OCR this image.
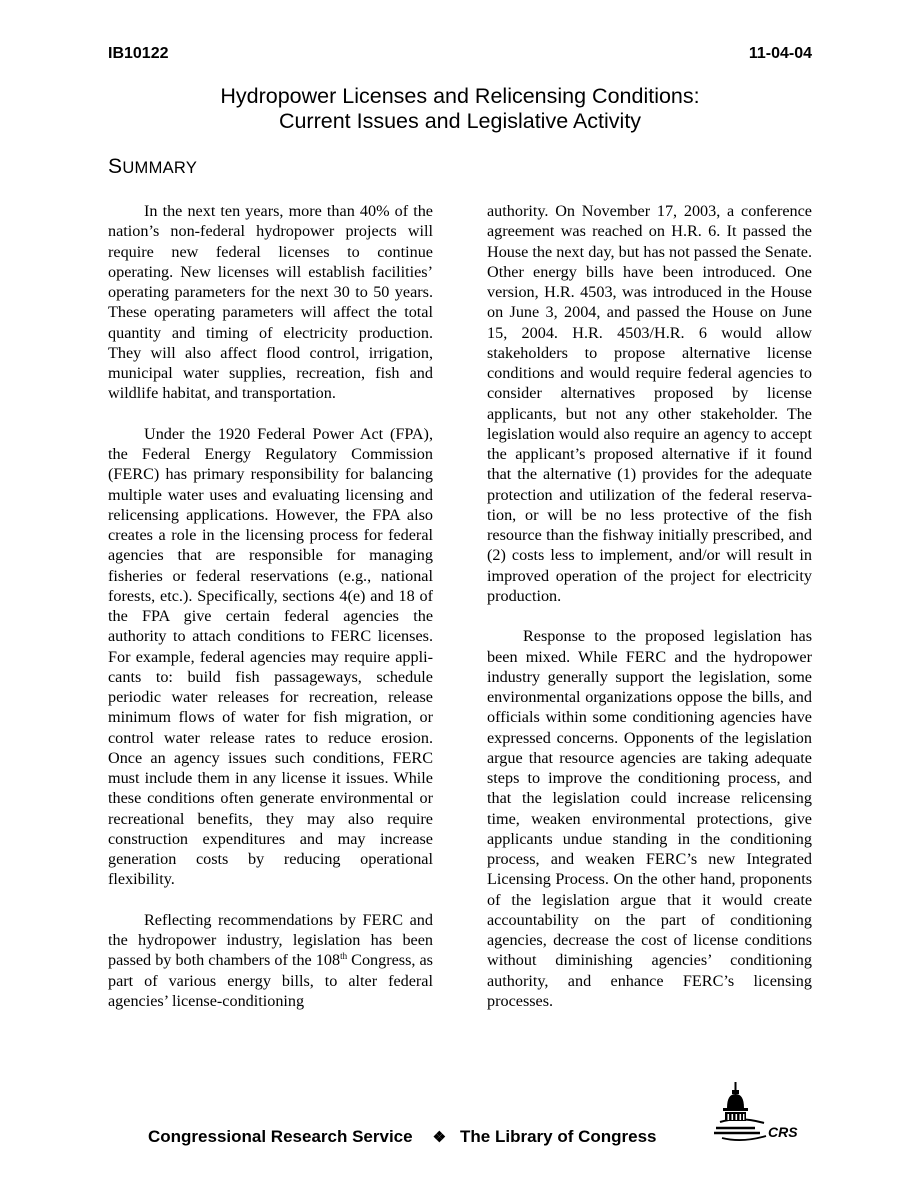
IB10122	11-04-04
Hydropower Licenses and Relicensing Conditions:
Current Issues and Legislative Activity
SUMMARY

In the next ten years, more than 40% of the nation’s non-federal hydropower projects will require new federal licenses to continue operating. New licenses will establish facilities’ operating parameters for the next 30 to 50 years. These operating parameters will affect the total quantity and timing of electricity production. They will also affect flood control, irrigation, municipal water supplies, recreation, fish and wildlife habitat, and transportation.

Under the 1920 Federal Power Act (FPA), the Federal Energy Regulatory Commission (FERC) has primary responsibility for balancing multiple water uses and evaluating licensing and relicensing applications. However, the FPA also creates a role in the licensing process for federal agencies that are responsible for managing fisheries or federal reservations (e.g., national forests, etc.). Specifically, sections 4(e) and 18 of the FPA give certain federal agencies the authority to attach conditions to FERC licenses. For example, federal agencies may require applicants to: build fish passageways, schedule periodic water releases for recreation, release minimum flows of water for fish migration, or control water release rates to reduce erosion. Once an agency issues such conditions, FERC must include them in any license it issues. While these conditions often generate environmental or recreational benefits, they may also require construction expenditures and may increase generation costs by reducing operational flexibility.

Reflecting recommendations by FERC and the hydropower industry, legislation has been passed by both chambers of the 108th Congress, as part of various energy bills, to alter federal agencies’ license-conditioning

authority. On November 17, 2003, a conference agreement was reached on H.R. 6. It passed the House the next day, but has not passed the Senate. Other energy bills have been introduced. One version, H.R. 4503, was introduced in the House on June 3, 2004, and passed the House on June 15, 2004. H.R. 4503/H.R. 6 would allow stakeholders to propose alternative license conditions and would require federal agencies to consider alternatives proposed by license applicants, but not any other stakeholder. The legislation would also require an agency to accept the applicant’s proposed alternative if it found that the alternative (1) provides for the adequate protection and utilization of the federal reservation, or will be no less protective of the fish resource than the fishway initially prescribed, and (2) costs less to implement, and/or will result in improved operation of the project for electricity production.

Response to the proposed legislation has been mixed. While FERC and the hydropower industry generally support the legislation, some environmental organizations oppose the bills, and officials within some conditioning agencies have expressed concerns. Opponents of the legislation argue that resource agencies are taking adequate steps to improve the conditioning process, and that the legislation could increase relicensing time, weaken environmental protections, give applicants undue standing in the conditioning process, and weaken FERC’s new Integrated Licensing Process. On the other hand, proponents of the legislation argue that it would create accountability on the part of conditioning agencies, decrease the cost of license conditions without diminishing agencies’ conditioning authority, and enhance FERC’s licensing processes.

Congressional Research Service ❖ The Library of Congress	CRS
